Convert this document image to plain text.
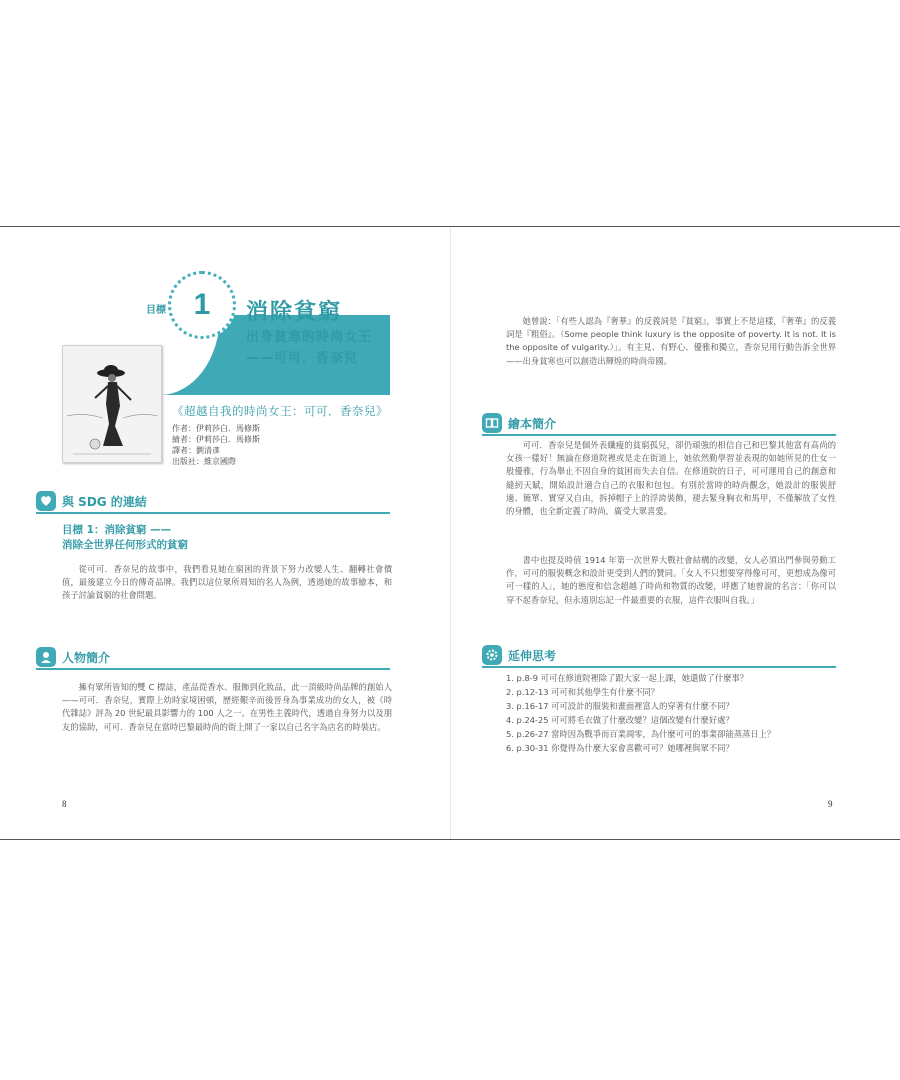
目標 1 消除貧窮
出身貧寒的時尚女王
——可可．香奈兒
《超越自我的時尚女王：可可．香奈兒》
作者：伊莉莎白．馬修斯
繪者：伊莉莎白．馬修斯
譯者：劉清彥
出版社：維京國際
與 SDG 的連結
目標 1：消除貧窮 ——
消除全世界任何形式的貧窮
從可可．香奈兒的故事中，我們看見她在窮困的背景下努力改變人生、翻轉社會價值，最後建立今日的傳奇品牌。我們以這位眾所周知的名人為例，透過她的故事繪本，和孩子討論貧窮的社會問題。
人物簡介
擁有眾所皆知的雙 C 標誌，產品從香水、服飾到化妝品，此一頂級時尚品牌的創始人——可可．香奈兒，實際上幼時家境困頓，歷經艱辛而後晉身為事業成功的女人，被《時代雜誌》評為 20 世紀最具影響力的 100 人之一。在男性主義時代，透過自身努力以及朋友的協助，可可．香奈兒在當時巴黎最時尚的街上開了一家以自己名字為店名的時裝店。
8
她曾說：「有些人認為『奢華』的反義詞是『貧窮』，事實上不是這樣，『奢華』的反義詞是『粗俗』。（Some people think luxury is the opposite of poverty. It is not. It is the opposite of vulgarity.）」。有主見、有野心、優雅和獨立，香奈兒用行動告訴全世界——出身貧寒也可以創造出輝煌的時尚帝國。
繪本簡介
可可．香奈兒是個外表纖瘦的貧窮孤兒，卻仍頑強的相信自己和巴黎其他富有高尚的女孩一樣好！無論在修道院裡或是走在街道上，她依然勤學習並表現的如她所見的仕女一般優雅，行為舉止不因自身的貧困而失去自信。在修道院的日子，可可運用自己的創意和縫紉天賦，開始設計適合自己的衣服和包包。有別於當時的時尚觀念，她設計的服裝舒適、簡單、實穿又自由，拆掉帽子上的浮誇裝飾，褪去緊身胸衣和馬甲，不僅解放了女性的身體，也全新定義了時尚，廣受大眾喜愛。
書中也提及時值 1914 年第一次世界大戰社會結構的改變，女人必須出門參與勞動工作，可可的服裝概念和設計更受到人們的贊同。「女人不只想要穿得像可可，更想成為像可可一樣的人」，她的態度和信念超越了時尚和物質的改變，呼應了她曾說的名言：「你可以穿不起香奈兒，但永遠別忘記一件最重要的衣服，這件衣服叫自我。」
延伸思考
1. p.8-9 可可在修道院裡除了跟大家一起上課，她還做了什麼事？
2. p.12-13 可可和其他學生有什麼不同？
3. p.16-17 可可設計的服裝和畫面裡富人的穿著有什麼不同？
4. p.24-25 可可將毛衣做了什麼改變？這個改變有什麼好處？
5. p.26-27 當時因為戰爭而百業凋零，為什麼可可的事業卻能蒸蒸日上？
6. p.30-31 你覺得為什麼大家會喜歡可可？她哪裡與眾不同？
9
